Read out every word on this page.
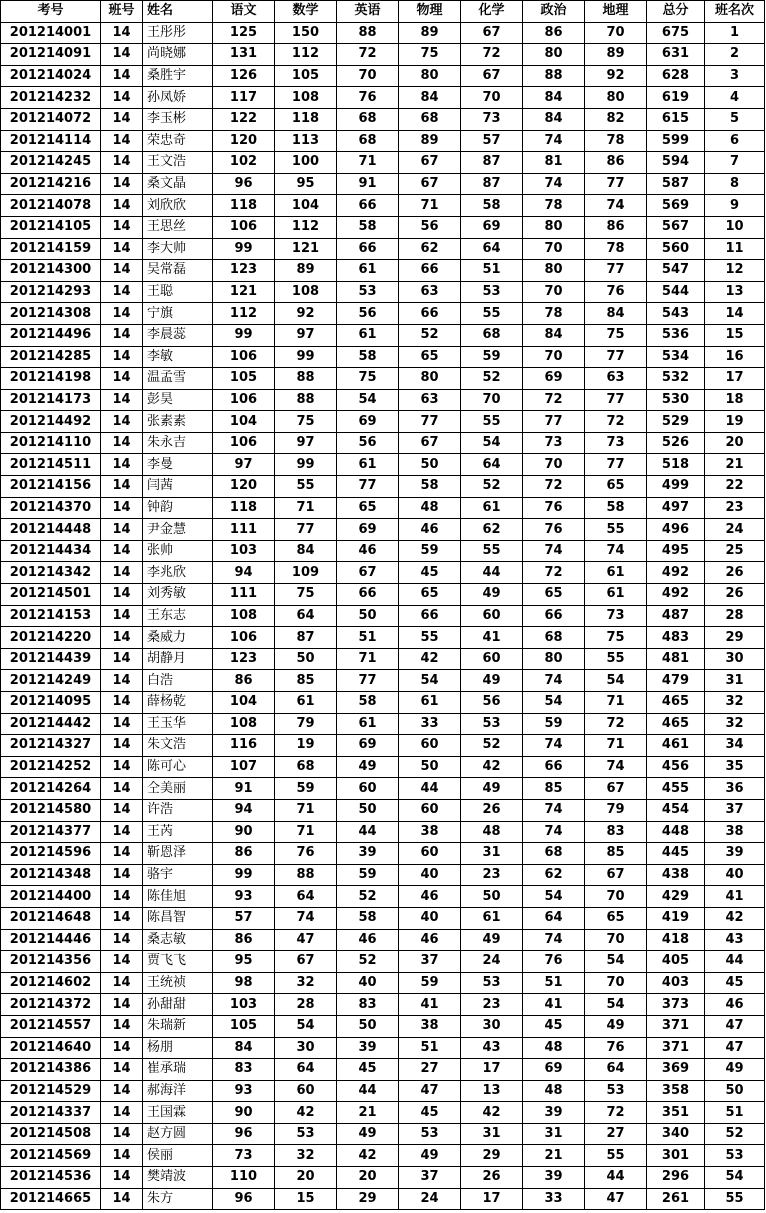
考号	班号	姓名	语文	数学	英语	物理	化学	政治	地理	总分	班名次
201214001	14	王彤彤	125	150	88	89	67	86	70	675	1
201214091	14	尚晓娜	131	112	72	75	72	80	89	631	2
201214024	14	桑胜宇	126	105	70	80	67	88	92	628	3
201214232	14	孙凤娇	117	108	76	84	70	84	80	619	4
201214072	14	李玉彬	122	118	68	68	73	84	82	615	5
201214114	14	荣忠奇	120	113	68	89	57	74	78	599	6
201214245	14	王文浩	102	100	71	67	87	81	86	594	7
201214216	14	桑文晶	96	95	91	67	87	74	77	587	8
201214078	14	刘欣欣	118	104	66	71	58	78	74	569	9
201214105	14	王思丝	106	112	58	56	69	80	86	567	10
201214159	14	李大帅	99	121	66	62	64	70	78	560	11
201214300	14	吴常磊	123	89	61	66	51	80	77	547	12
201214293	14	王聪	121	108	53	63	53	70	76	544	13
201214308	14	宁旗	112	92	56	66	55	78	84	543	14
201214496	14	李晨蕊	99	97	61	52	68	84	75	536	15
201214285	14	李敏	106	99	58	65	59	70	77	534	16
201214198	14	温孟雪	105	88	75	80	52	69	63	532	17
201214173	14	彭昊	106	88	54	63	70	72	77	530	18
201214492	14	张素素	104	75	69	77	55	77	72	529	19
201214110	14	朱永吉	106	97	56	67	54	73	73	526	20
201214511	14	李曼	97	99	61	50	64	70	77	518	21
201214156	14	闫茜	120	55	77	58	52	72	65	499	22
201214370	14	钟韵	118	71	65	48	61	76	58	497	23
201214448	14	尹金慧	111	77	69	46	62	76	55	496	24
201214434	14	张帅	103	84	46	59	55	74	74	495	25
201214342	14	李兆欣	94	109	67	45	44	72	61	492	26
201214501	14	刘秀敏	111	75	66	65	49	65	61	492	26
201214153	14	王东志	108	64	50	66	60	66	73	487	28
201214220	14	桑威力	106	87	51	55	41	68	75	483	29
201214439	14	胡静月	123	50	71	42	60	80	55	481	30
201214249	14	白浩	86	85	77	54	49	74	54	479	31
201214095	14	薛杨乾	104	61	58	61	56	54	71	465	32
201214442	14	王玉华	108	79	61	33	53	59	72	465	32
201214327	14	朱文浩	116	19	69	60	52	74	71	461	34
201214252	14	陈可心	107	68	49	50	42	66	74	456	35
201214264	14	仝美丽	91	59	60	44	49	85	67	455	36
201214580	14	许浩	94	71	50	60	26	74	79	454	37
201214377	14	王芮	90	71	44	38	48	74	83	448	38
201214596	14	靳恩泽	86	76	39	60	31	68	85	445	39
201214348	14	骆宇	99	88	59	40	23	62	67	438	40
201214400	14	陈佳旭	93	64	52	46	50	54	70	429	41
201214648	14	陈昌智	57	74	58	40	61	64	65	419	42
201214446	14	桑志敏	86	47	46	46	49	74	70	418	43
201214356	14	贾飞飞	95	67	52	37	24	76	54	405	44
201214602	14	王统祯	98	32	40	59	53	51	70	403	45
201214372	14	孙甜甜	103	28	83	41	23	41	54	373	46
201214557	14	朱瑞新	105	54	50	38	30	45	49	371	47
201214640	14	杨朋	84	30	39	51	43	48	76	371	47
201214386	14	崔承瑞	83	64	45	27	17	69	64	369	49
201214529	14	郝海洋	93	60	44	47	13	48	53	358	50
201214337	14	王国霖	90	42	21	45	42	39	72	351	51
201214508	14	赵方圆	96	53	49	53	31	31	27	340	52
201214569	14	侯丽	73	32	42	49	29	21	55	301	53
201214536	14	樊靖波	110	20	20	37	26	39	44	296	54
201214665	14	朱方	96	15	29	24	17	33	47	261	55
